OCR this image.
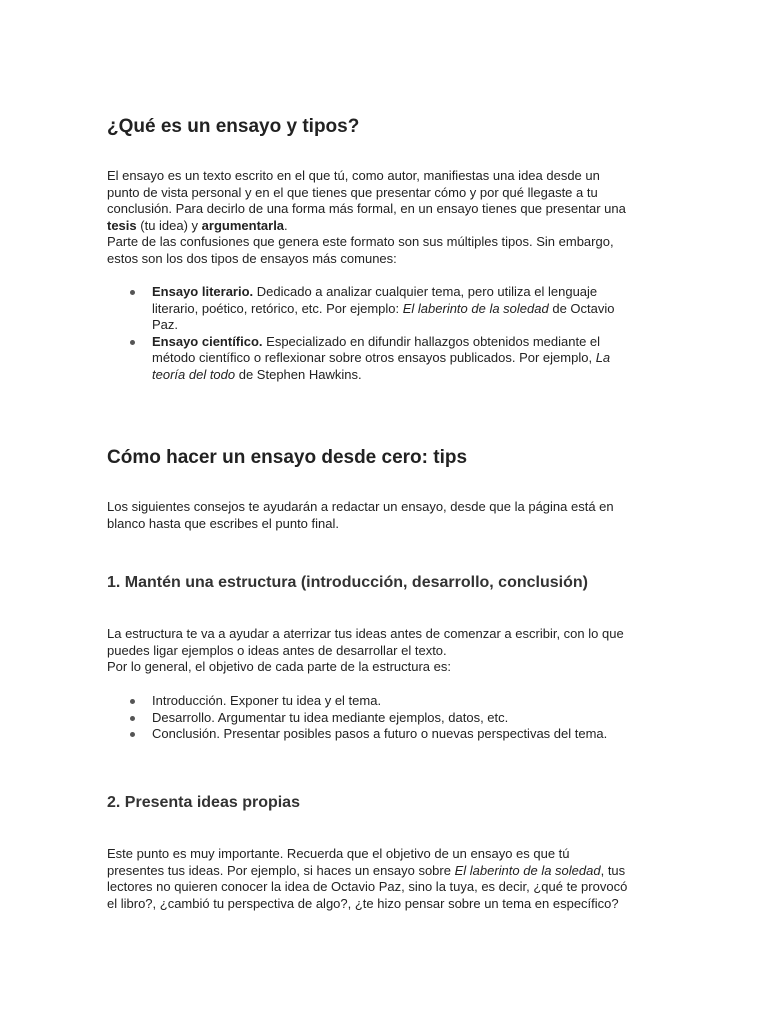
¿Qué es un ensayo y tipos?
El ensayo es un texto escrito en el que tú, como autor, manifiestas una idea desde un
punto de vista personal y en el que tienes que presentar cómo y por qué llegaste a tu
conclusión. Para decirlo de una forma más formal, en un ensayo tienes que presentar una
tesis (tu idea) y argumentarla.
Parte de las confusiones que genera este formato son sus múltiples tipos. Sin embargo,
estos son los dos tipos de ensayos más comunes:
Ensayo literario. Dedicado a analizar cualquier tema, pero utiliza el lenguaje
literario, poético, retórico, etc. Por ejemplo: El laberinto de la soledad de Octavio
Paz.
Ensayo científico. Especializado en difundir hallazgos obtenidos mediante el
método científico o reflexionar sobre otros ensayos publicados. Por ejemplo, La
teoría del todo de Stephen Hawkins.
Cómo hacer un ensayo desde cero: tips
Los siguientes consejos te ayudarán a redactar un ensayo, desde que la página está en
blanco hasta que escribes el punto final.
1. Mantén una estructura (introducción, desarrollo, conclusión)
La estructura te va a ayudar a aterrizar tus ideas antes de comenzar a escribir, con lo que
puedes ligar ejemplos o ideas antes de desarrollar el texto.
Por lo general, el objetivo de cada parte de la estructura es:
Introducción. Exponer tu idea y el tema.
Desarrollo. Argumentar tu idea mediante ejemplos, datos, etc.
Conclusión. Presentar posibles pasos a futuro o nuevas perspectivas del tema.
2. Presenta ideas propias
Este punto es muy importante. Recuerda que el objetivo de un ensayo es que tú
presentes tus ideas. Por ejemplo, si haces un ensayo sobre El laberinto de la soledad, tus
lectores no quieren conocer la idea de Octavio Paz, sino la tuya, es decir, ¿qué te provocó
el libro?, ¿cambió tu perspectiva de algo?, ¿te hizo pensar sobre un tema en específico?
